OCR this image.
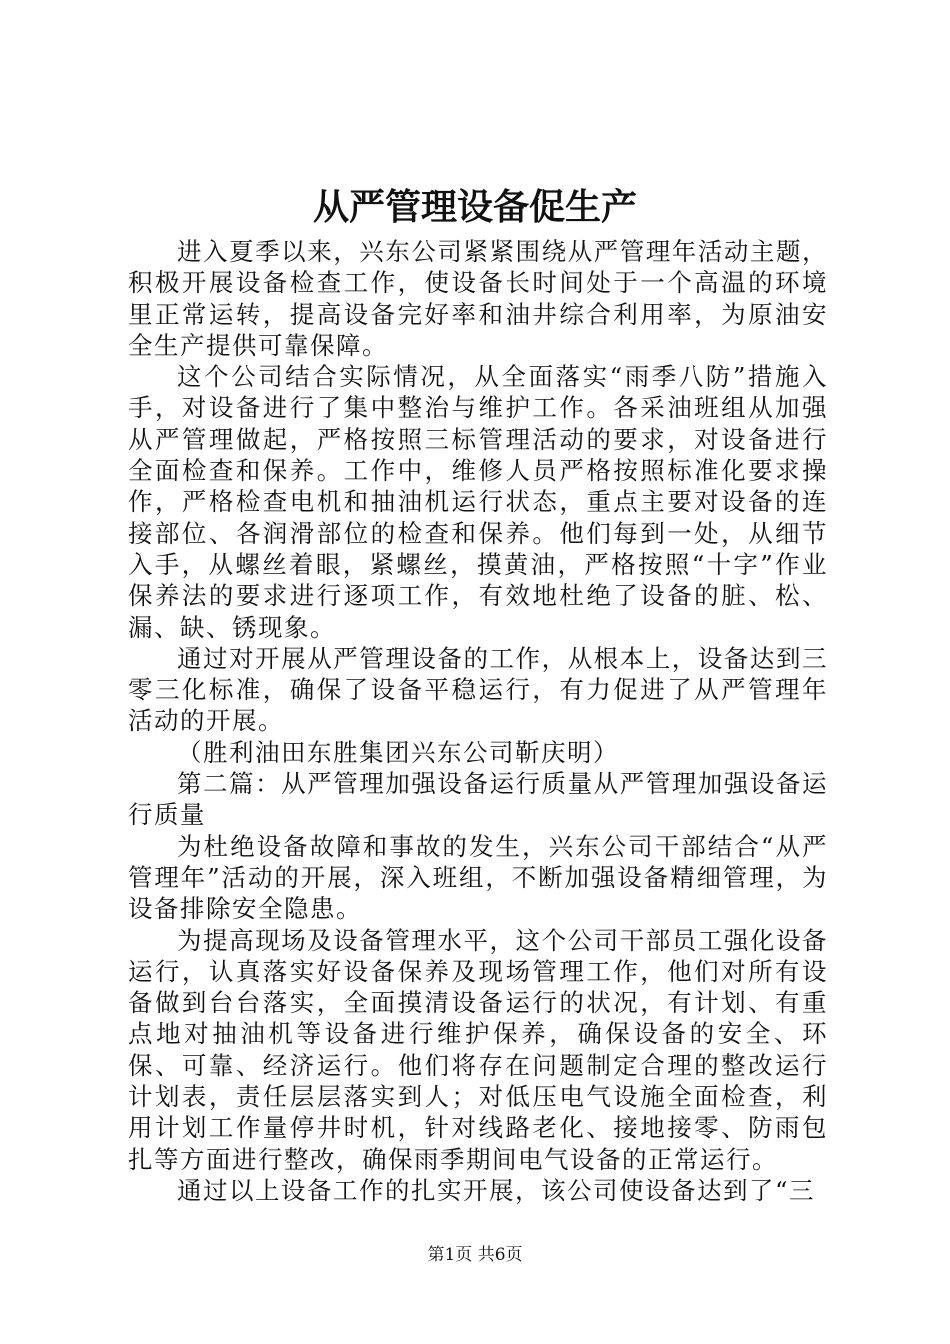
从严管理设备促生产

进入夏季以来，兴东公司紧紧围绕从严管理年活动主题，积极开展设备检查工作，使设备长时间处于一个高温的环境里正常运转，提高设备完好率和油井综合利用率，为原油安全生产提供可靠保障。

这个公司结合实际情况，从全面落实“雨季八防”措施入手，对设备进行了集中整治与维护工作。各采油班组从加强从严管理做起，严格按照三标管理活动的要求，对设备进行全面检查和保养。工作中，维修人员严格按照标准化要求操作，严格检查电机和抽油机运行状态，重点主要对设备的连接部位、各润滑部位的检查和保养。他们每到一处，从细节入手，从螺丝着眼，紧螺丝，摸黄油，严格按照“十字”作业保养法的要求进行逐项工作，有效地杜绝了设备的脏、松、漏、缺、锈现象。

通过对开展从严管理设备的工作，从根本上，设备达到三零三化标准，确保了设备平稳运行，有力促进了从严管理年活动的开展。

（胜利油田东胜集团兴东公司靳庆明）

第二篇：从严管理加强设备运行质量从严管理加强设备运行质量

为杜绝设备故障和事故的发生，兴东公司干部结合“从严管理年”活动的开展，深入班组，不断加强设备精细管理，为设备排除安全隐患。

为提高现场及设备管理水平，这个公司干部员工强化设备运行，认真落实好设备保养及现场管理工作，他们对所有设备做到台台落实，全面摸清设备运行的状况，有计划、有重点地对抽油机等设备进行维护保养，确保设备的安全、环保、可靠、经济运行。他们将存在问题制定合理的整改运行计划表，责任层层落实到人；对低压电气设施全面检查，利用计划工作量停井时机，针对线路老化、接地接零、防雨包扎等方面进行整改，确保雨季期间电气设备的正常运行。

通过以上设备工作的扎实开展，该公司使设备达到了“三

第1页 共6页
